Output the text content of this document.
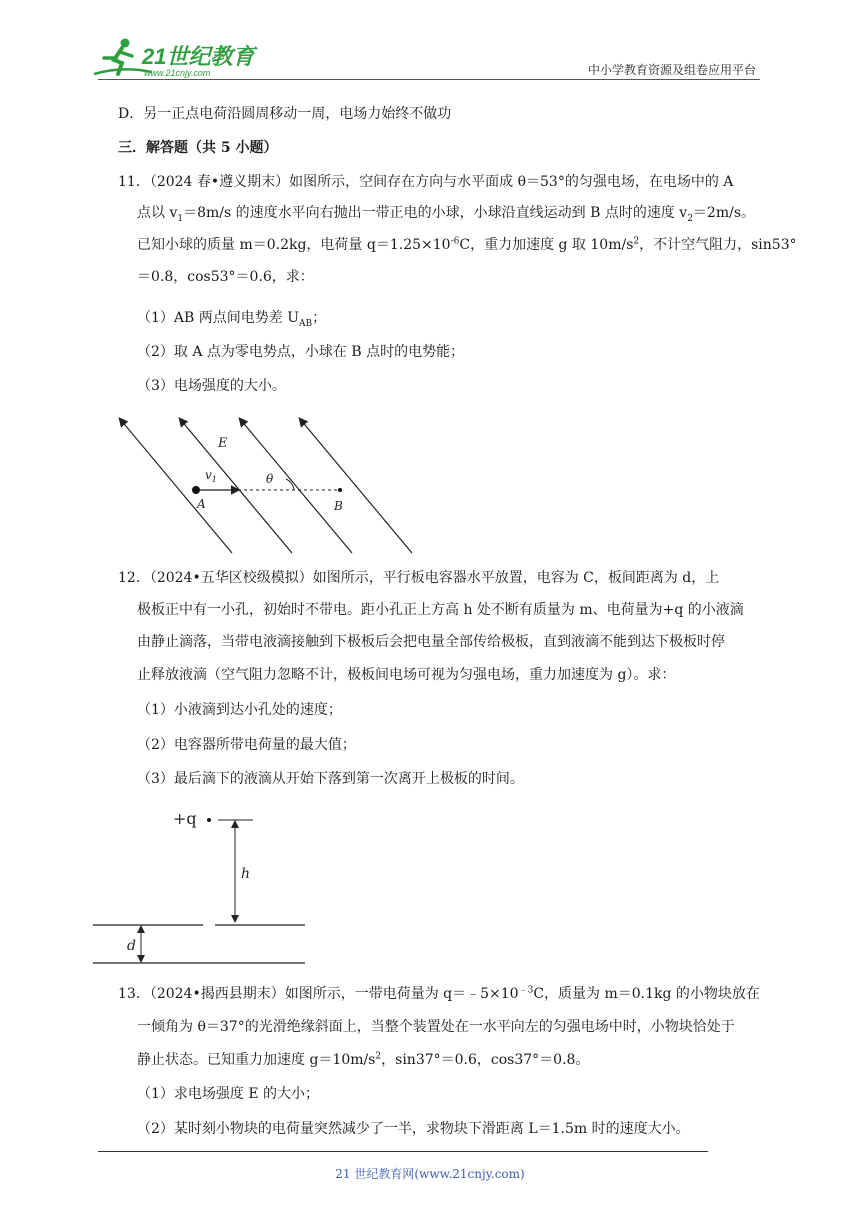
21世纪教育
www.21cnjy.com	中小学教育资源及组卷应用平台
D．另一正点电荷沿圆周移动一周，电场力始终不做功
三．解答题（共 5 小题）
11．（2024 春•遵义期末）如图所示，空间存在方向与水平面成 θ＝53°的匀强电场，在电场中的 A
点以 $v_1=8m/s$ 的速度水平向右抛出一带正电的小球，小球沿直线运动到 B 点时的速度 $v_2=2m/s$。
已知小球的质量 m＝0.2kg，电荷量 $q=1.25\times 10^{-6}C$，重力加速度 g 取 $10m/s^2$，不计空气阻力，sin53°
＝0.8，cos53°＝0.6，求：
（1）AB 两点间电势差 $U_{AB}$；
（2）取 A 点为零电势点，小球在 B 点时的电势能；
（3）电场强度的大小。
E
$v_1$	θ
A	B
12．（2024•五华区校级模拟）如图所示，平行板电容器水平放置，电容为 C，板间距离为 d，上
极板正中有一小孔，初始时不带电。距小孔正上方高 h 处不断有质量为 m、电荷量为+q 的小液滴
由静止滴落，当带电液滴接触到下极板后会把电量全部传给极板，直到液滴不能到达下极板时停
止释放液滴（空气阻力忽略不计，极板间电场可视为匀强电场，重力加速度为 g）。求：
（1）小液滴到达小孔处的速度；
（2）电容器所带电荷量的最大值；
（3）最后滴下的液滴从开始下落到第一次离开上极板的时间。
+q
h
d
13．（2024•揭西县期末）如图所示，一带电荷量为 $q=﹣5\times 10^{﹣3}C$，质量为 m＝0.1kg 的小物块放在
一倾角为 θ＝37°的光滑绝缘斜面上，当整个装置处在一水平向左的匀强电场中时，小物块恰处于
静止状态。已知重力加速度 $g=10m/s^2$，sin37°＝0.6，cos37°＝0.8。
（1）求电场强度 E 的大小；
（2）某时刻小物块的电荷量突然减少了一半，求物块下滑距离 L＝1.5m 时的速度大小。
21 世纪教育网(www.21cnjy.com)
